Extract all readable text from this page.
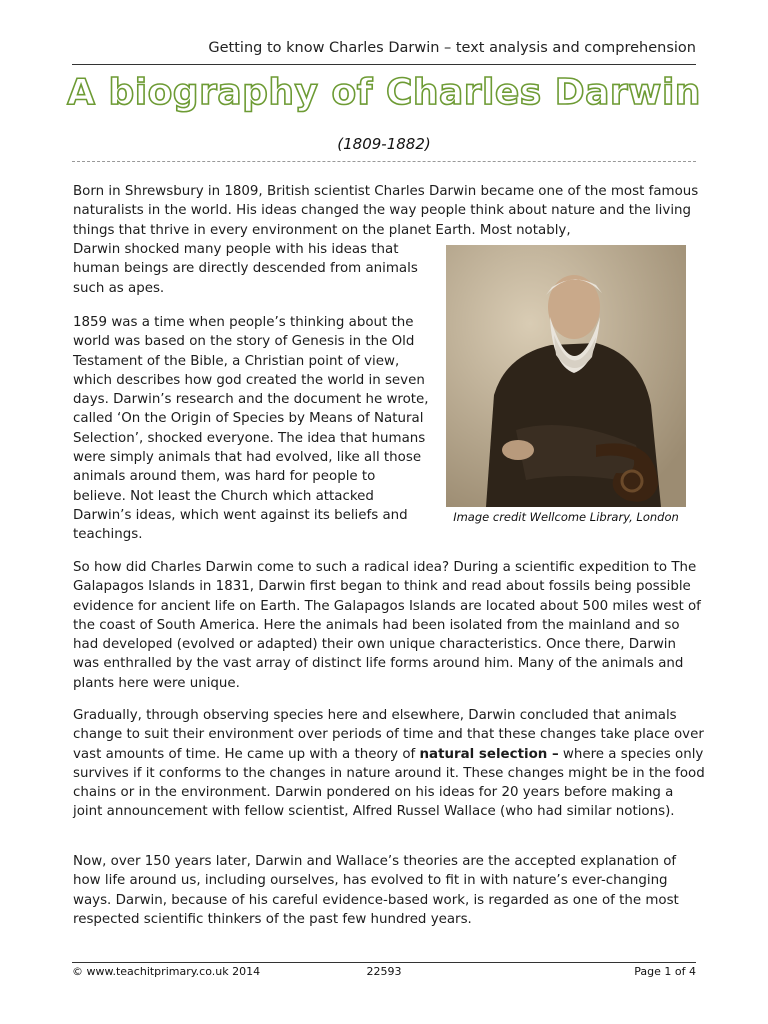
Getting to know Charles Darwin – text analysis and comprehension
A biography of Charles Darwin
(1809-1882)

Born in Shrewsbury in 1809, British scientist Charles Darwin became one of the most famous naturalists in the world. His ideas changed the way people think about nature and the living things that thrive in every environment on the planet Earth. Most notably,

Darwin shocked many people with his ideas that human beings are directly descended from animals such as apes.

1859 was a time when people’s thinking about the world was based on the story of Genesis in the Old Testament of the Bible, a Christian point of view, which describes how god created the world in seven days. Darwin’s research and the document he wrote, called ‘On the Origin of Species by Means of Natural Selection’, shocked everyone. The idea that humans were simply animals that had evolved, like all those animals around them, was hard for people to believe. Not least the Church which attacked Darwin’s ideas, which went against its beliefs and teachings.

Image credit Wellcome Library, London

So how did Charles Darwin come to such a radical idea? During a scientific expedition to The Galapagos Islands in 1831, Darwin first began to think and read about fossils being possible evidence for ancient life on Earth. The Galapagos Islands are located about 500 miles west of the coast of South America. Here the animals had been isolated from the mainland and so had developed (evolved or adapted) their own unique characteristics. Once there, Darwin was enthralled by the vast array of distinct life forms around him. Many of the animals and plants here were unique.

Gradually, through observing species here and elsewhere, Darwin concluded that animals change to suit their environment over periods of time and that these changes take place over vast amounts of time. He came up with a theory of natural selection – where a species only survives if it conforms to the changes in nature around it. These changes might be in the food chains or in the environment. Darwin pondered on his ideas for 20 years before making a joint announcement with fellow scientist, Alfred Russel Wallace (who had similar notions).

Now, over 150 years later, Darwin and Wallace’s theories are the accepted explanation of how life around us, including ourselves, has evolved to fit in with nature’s ever-changing ways. Darwin, because of his careful evidence-based work, is regarded as one of the most respected scientific thinkers of the past few hundred years.

© www.teachitprimary.co.uk 2014	22593	Page 1 of 4
